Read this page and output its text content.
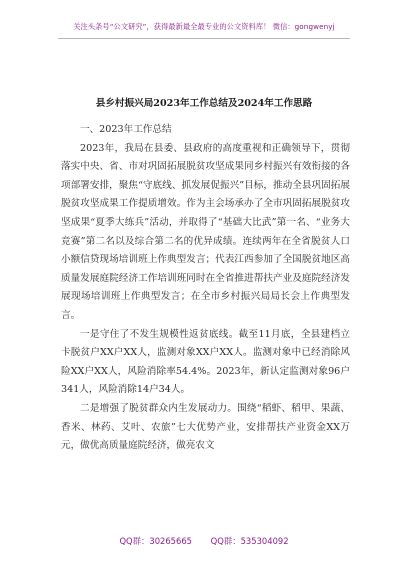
关注头条号“公文研究”，获得最新最全最专业的公文资料库！ 微信：gongwenyj
县乡村振兴局2023年工作总结及2024年工作思路

一、2023年工作总结

2023年，我局在县委、县政府的高度重视和正确领导下，贯彻落实中央、省、市对巩固拓展脱贫攻坚成果同乡村振兴有效衔接的各项部署安排，聚焦“守底线、抓发展促振兴”目标，推动全县巩固拓展脱贫攻坚成果工作提质增效。作为主会场承办了全市巩固拓展脱贫攻坚成果“夏季大练兵”活动，并取得了“基础大比武”第一名、“业务大竞赛”第二名以及综合第二名的优异成绩。连续两年在全省脱贫人口小额信贷现场培训班上作典型发言；代表江西参加了全国脱贫地区高质量发展庭院经济工作培训班同时在全省推进帮扶产业及庭院经济发展现场培训班上作典型发言；在全市乡村振兴局局长会上作典型发言。

一是守住了不发生规模性返贫底线。截至11月底，全县建档立卡脱贫户XX户XX人，监测对象XX户XX人。监测对象中已经消除风险XX户XX人，风险消除率54.4%。2023年，新认定监测对象96户341人，风险消除14户34人。

二是增强了脱贫群众内生发展动力。围绕“稻虾、稻甲、果蔬、香米、林药、艾叶、农旅”七大优势产业，安排帮扶产业资金XX万元，做优高质量庭院经济，做亮农文

QQ群：30265665 QQ群：535304092
